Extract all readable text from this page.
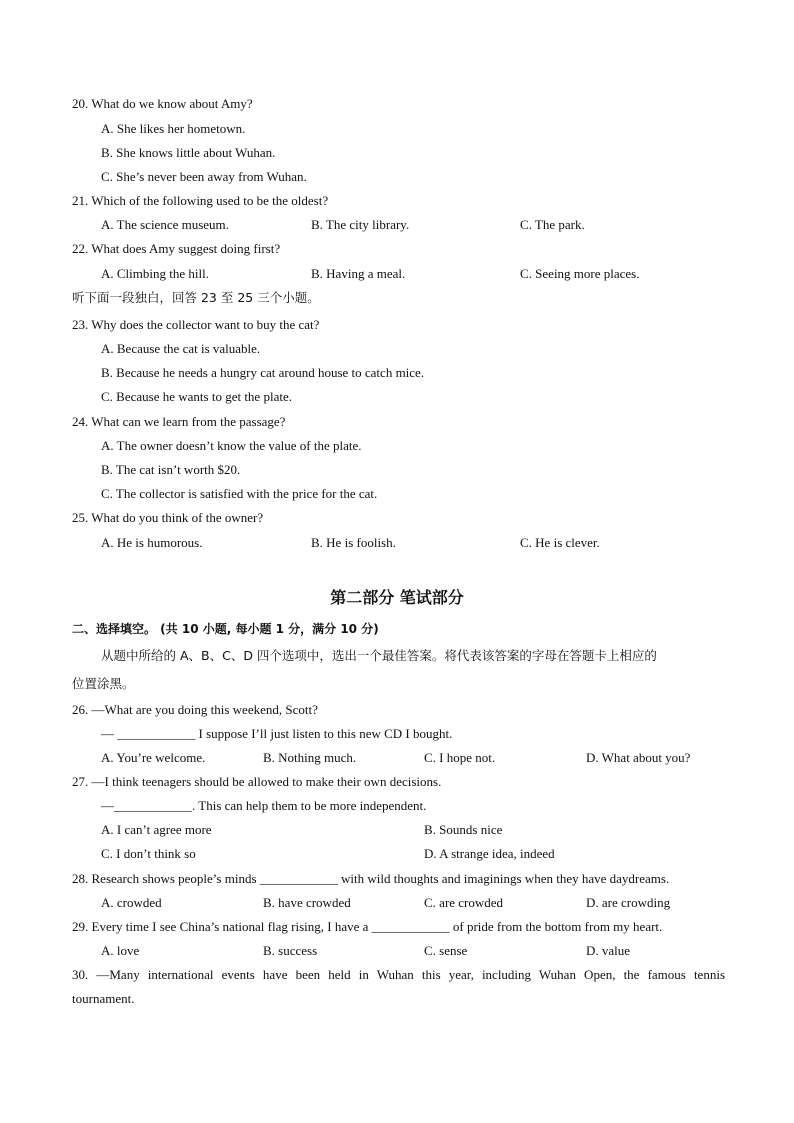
20. What do we know about Amy?
A. She likes her hometown.
B. She knows little about Wuhan.
C. She’s never been away from Wuhan.
21. Which of the following used to be the oldest?
A. The science museum.	B. The city library.	C. The park.
22. What does Amy suggest doing first?
A. Climbing the hill.	B. Having a meal.	C. Seeing more places.
听下面一段独白，回答 23 至 25 三个小题。
23. Why does the collector want to buy the cat?
A. Because the cat is valuable.
B. Because he needs a hungry cat around house to catch mice.
C. Because he wants to get the plate.
24. What can we learn from the passage?
A. The owner doesn’t know the value of the plate.
B. The cat isn’t worth $20.
C. The collector is satisfied with the price for the cat.
25. What do you think of the owner?
A. He is humorous.	B. He is foolish.	C. He is clever.
第二部分 笔试部分
二、选择填空。 (共 10 小题, 每小题 1 分，满分 10 分)
从题中所给的 A、B、C、D 四个选项中，选出一个最佳答案。将代表该答案的字母在答题卡上相应的
位置涂黑。
26. —What are you doing this weekend, Scott?
— ____________ I suppose I’ll just listen to this new CD I bought.
A. You’re welcome.	B. Nothing much.	C. I hope not.	D. What about you?
27. —I think teenagers should be allowed to make their own decisions.
—____________. This can help them to be more independent.
A. I can’t agree more	B. Sounds nice
C. I don’t think so	D. A strange idea, indeed
28. Research shows people’s minds ____________ with wild thoughts and imaginings when they have daydreams.
A. crowded	B. have crowded	C. are crowded	D. are crowding
29. Every time I see China’s national flag rising, I have a ____________ of pride from the bottom from my heart.
A. love	B. success	C. sense	D. value
30. —Many international events have been held in Wuhan this year, including Wuhan Open, the famous tennis
tournament.
